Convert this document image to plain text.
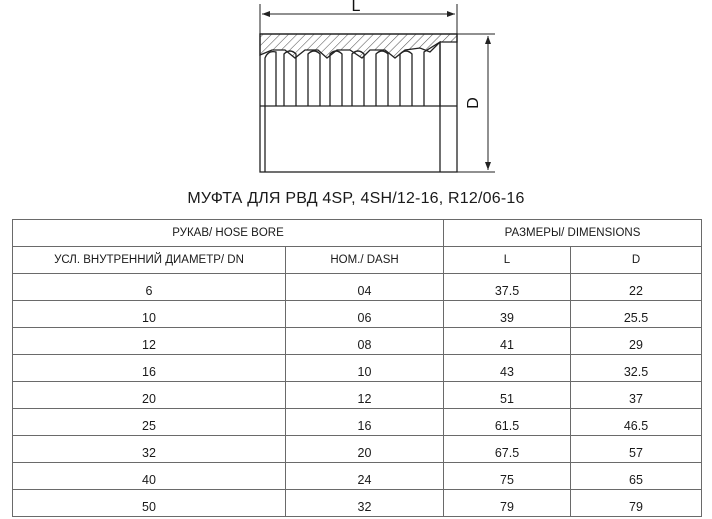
L
D
МУФТА ДЛЯ РВД 4SP, 4SH/12-16, R12/06-16
РУКАВ/ HOSE BORE		РАЗМЕРЫ/ DIMENSIONS	
УСЛ. ВНУТРЕННИЙ ДИАМЕТР/ DN	НОМ./ DASH	L	D
6	04	37.5	22
10	06	39	25.5
12	08	41	29
16	10	43	32.5
20	12	51	37
25	16	61.5	46.5
32	20	67.5	57
40	24	75	65
50	32	79	79
